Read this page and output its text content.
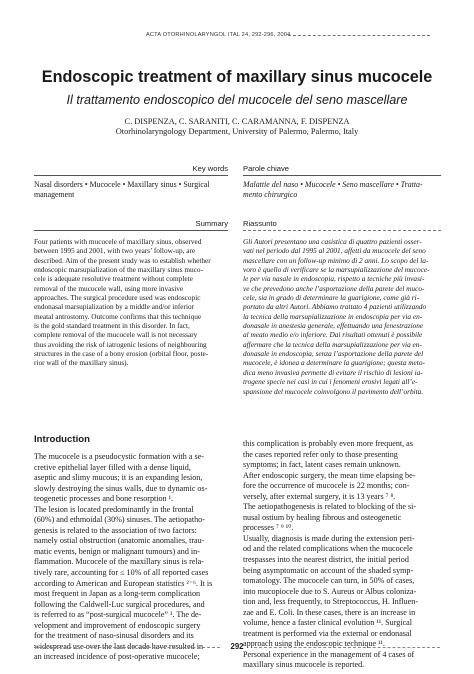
ACTA OTORHINOLARYNGOL ITAL 24, 292-296, 2004
Endoscopic treatment of maxillary sinus mucocele
Il trattamento endoscopico del mucocele del seno mascellare
C. DISPENZA, C. SARANITI, C. CARAMANNA, F. DISPENZA
Otorhinolaryngology Department, University of Palermo, Palermo, Italy
Key words Parole chiave
Nasal disorders • Mucocele • Maxillary sinus • Surgical
management
Malattie del naso • Mucocele • Seno mascellare • Tratta-
mento chirurgico
Summary Riassunto
Four patients with mucocele of maxillary sinus, observed
between 1995 and 2001, with two years’ follow-up, are
described. Aim of the present study was to establish whether
endoscopic marsupialization of the maxillary sinus muco-
cele is adequate resolutive treatment without complete
removal of the mucocele wall, using more invasive
approaches. The surgical procedure used was endoscopic
endonasal marsupialization by a middle and/or inferior
meatal antrostomy. Outcome confirms that this technique
is the gold standard treatment in this disorder. In fact,
complete removal of the mucocele wall is not necessary
thus avoiding the risk of iatrogenic lesions of neighbouring
structures in the case of a bony erosion (orbital floor, poste-
rior wall of the maxillary sinus).
Gli Autori presentano una casistica di quattro pazienti osser-
vati nel periodo dal 1995 al 2001, affetti da mucocele del seno
mascellare con un follow-up minimo di 2 anni. Lo scopo del la-
voro è quello di verificare se la marsupializzazione del mucoce-
le per via nasale in endoscopia, rispetto a tecniche più invasi-
ve che prevedono anche l’asportazione della parete del muco-
cele, sia in grado di determinare la guarigione, come già ri-
portato da altri Autori. Abbiamo trattato 4 pazienti utilizzando
la tecnica della marsupializzazione in endoscopia per via en-
donasale in anestesia generale, effettuando una fenestrazione
al meato medio e/o inferiore. Dai risultati ottenuti è possibile
affermare che la tecnica della marsupializzazione per via en-
donasale in endoscopia, senza l’asportazione della parete del
mucocele, è idonea a determinare la guarigione; questa meto-
dica meno invasiva permette di evitare il rischio di lesioni ia-
trogene specie nei casi in cui i fenomeni erosivi legati all’e-
spansione del mucocele coinvolgono il pavimento dell’orbita.
Introduction
The mucocele is a pseudocystic formation with a se-
cretive epithelial layer filled with a dense liquid,
aseptic and slimy mucous; it is an expanding lesion,
slowly destroying the sinus walls, due to dynamic os-
teogenetic processes and bone resorption ¹.
The lesion is located predominantly in the frontal
(60%) and ethmoidal (30%) sinuses. The aetiopatho-
genesis is related to the association of two factors:
namely ostial obstruction (anatomic anomalies, trau-
matic events, benign or malignant tumours) and in-
flammation. Mucocele of the maxillary sinus is rela-
tively rare, accounting for ≤ 10% of all reported cases
according to American and European statistics ²⁻⁶. It is
most frequent in Japan as a long-term complication
following the Caldwell-Luc surgical procedures, and
is referred to as “post-surgical mucocele” ¹. The de-
velopment and improvement of endoscopic surgery
for the treatment of naso-sinusal disorders and its
widespread use over the last decade have resulted in
an increased incidence of post-operative mucocele;
this complication is probably even more frequent, as
the cases reported refer only to those presenting
symptoms; in fact, latent cases remain unknown.
After endoscopic surgery, the mean time elapsing be-
fore the occurrence of mucocele is 22 months; con-
versely, after external surgery, it is 13 years ⁷ ⁸.
The aetiopathogenesis is related to blocking of the si-
nusal ostium by healing fibrous and osteogenetic
processes ⁷ ⁹ ¹⁰.
Usually, diagnosis is made during the extension peri-
od and the related complications when the mucocele
trespasses into the nearest district, the initial period
being asymptomatic on account of the shaded symp-
tomatology. The mucocele can turn, in 50% of cases,
into mucopiocele due to S. Aureus or Albus coloniza-
tion and, less frequently, to Streptococcus, H. Influen-
zae and E. Coli. In these cases, there is an increase in
volume, hence a faster clinical evolution ¹¹. Surgical
treatment is performed via the external or endonasal
approach using the endoscopic technique ¹¹.
Personal experience in the management of 4 cases of
maxillary sinus mucocele is reported.
292
